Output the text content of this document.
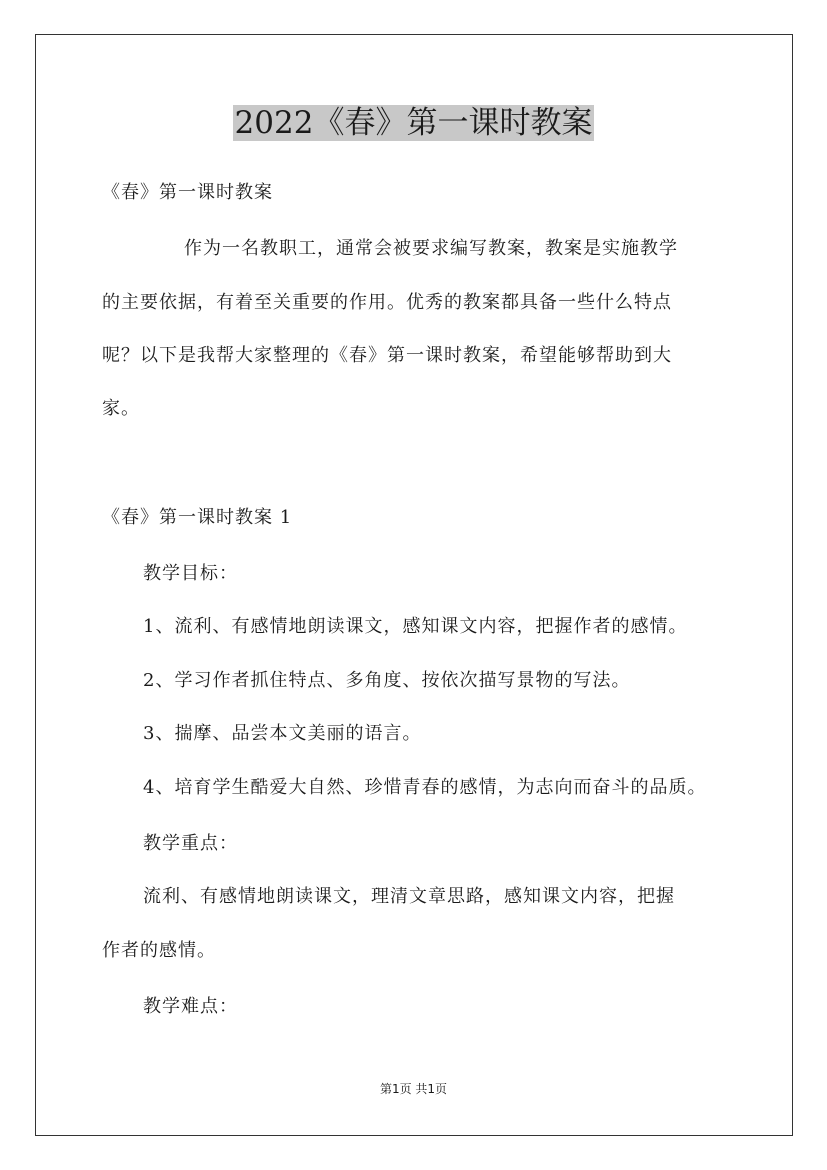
2022《春》第一课时教案
《春》第一课时教案
作为一名教职工，通常会被要求编写教案，教案是实施教学
的主要依据，有着至关重要的作用。优秀的教案都具备一些什么特点
呢？以下是我帮大家整理的《春》第一课时教案，希望能够帮助到大
家。
《春》第一课时教案 1
教学目标：
1、流利、有感情地朗读课文，感知课文内容，把握作者的感情。
2、学习作者抓住特点、多角度、按依次描写景物的写法。
3、揣摩、品尝本文美丽的语言。
4、培育学生酷爱大自然、珍惜青春的感情，为志向而奋斗的品质。
教学重点：
流利、有感情地朗读课文，理清文章思路，感知课文内容，把握
作者的感情。
教学难点：
第1页 共1页
